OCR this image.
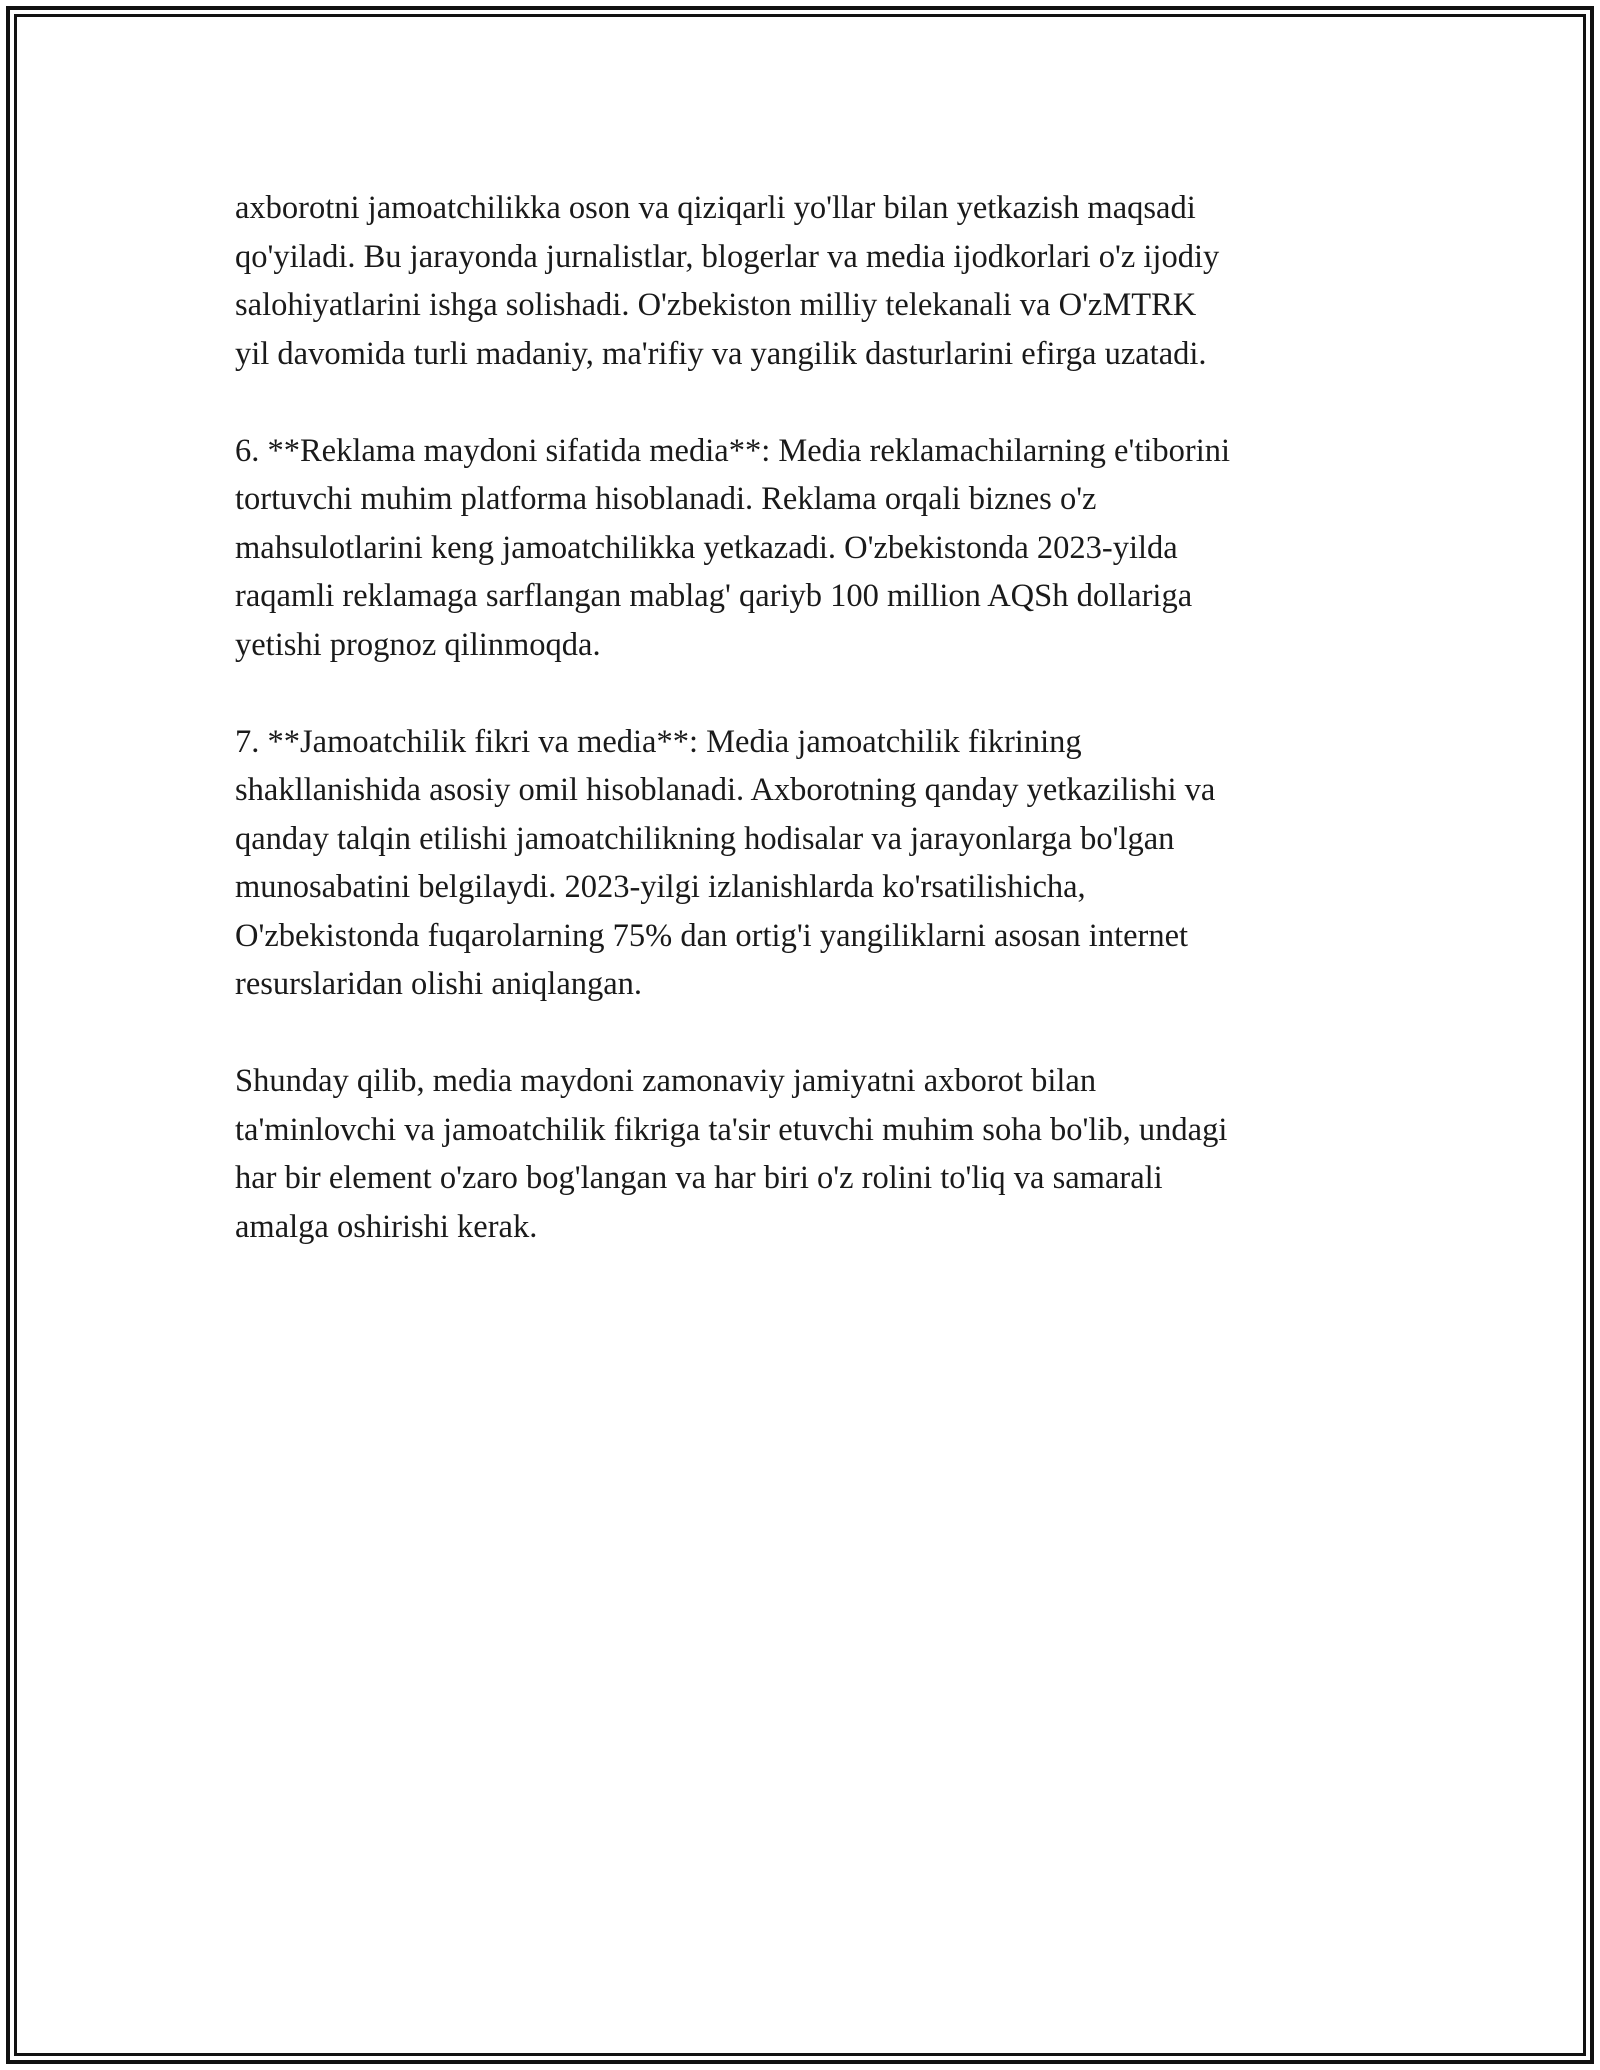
axborotni jamoatchilikka oson va qiziqarli yo'llar bilan yetkazish maqsadi
qo'yiladi. Bu jarayonda jurnalistlar, blogerlar va media ijodkorlari o'z ijodiy
salohiyatlarini ishga solishadi. O'zbekiston milliy telekanali va O'zMTRK
yil davomida turli madaniy, ma'rifiy va yangilik dasturlarini efirga uzatadi.

6. **Reklama maydoni sifatida media**: Media reklamachilarning e'tiborini
tortuvchi muhim platforma hisoblanadi. Reklama orqali biznes o'z
mahsulotlarini keng jamoatchilikka yetkazadi. O'zbekistonda 2023-yilda
raqamli reklamaga sarflangan mablag' qariyb 100 million AQSh dollariga
yetishi prognoz qilinmoqda.

7. **Jamoatchilik fikri va media**: Media jamoatchilik fikrining
shakllanishida asosiy omil hisoblanadi. Axborotning qanday yetkazilishi va
qanday talqin etilishi jamoatchilikning hodisalar va jarayonlarga bo'lgan
munosabatini belgilaydi. 2023-yilgi izlanishlarda ko'rsatilishicha,
O'zbekistonda fuqarolarning 75% dan ortig'i yangiliklarni asosan internet
resurslaridan olishi aniqlangan.

Shunday qilib, media maydoni zamonaviy jamiyatni axborot bilan
ta'minlovchi va jamoatchilik fikriga ta'sir etuvchi muhim soha bo'lib, undagi
har bir element o'zaro bog'langan va har biri o'z rolini to'liq va samarali
amalga oshirishi kerak.
